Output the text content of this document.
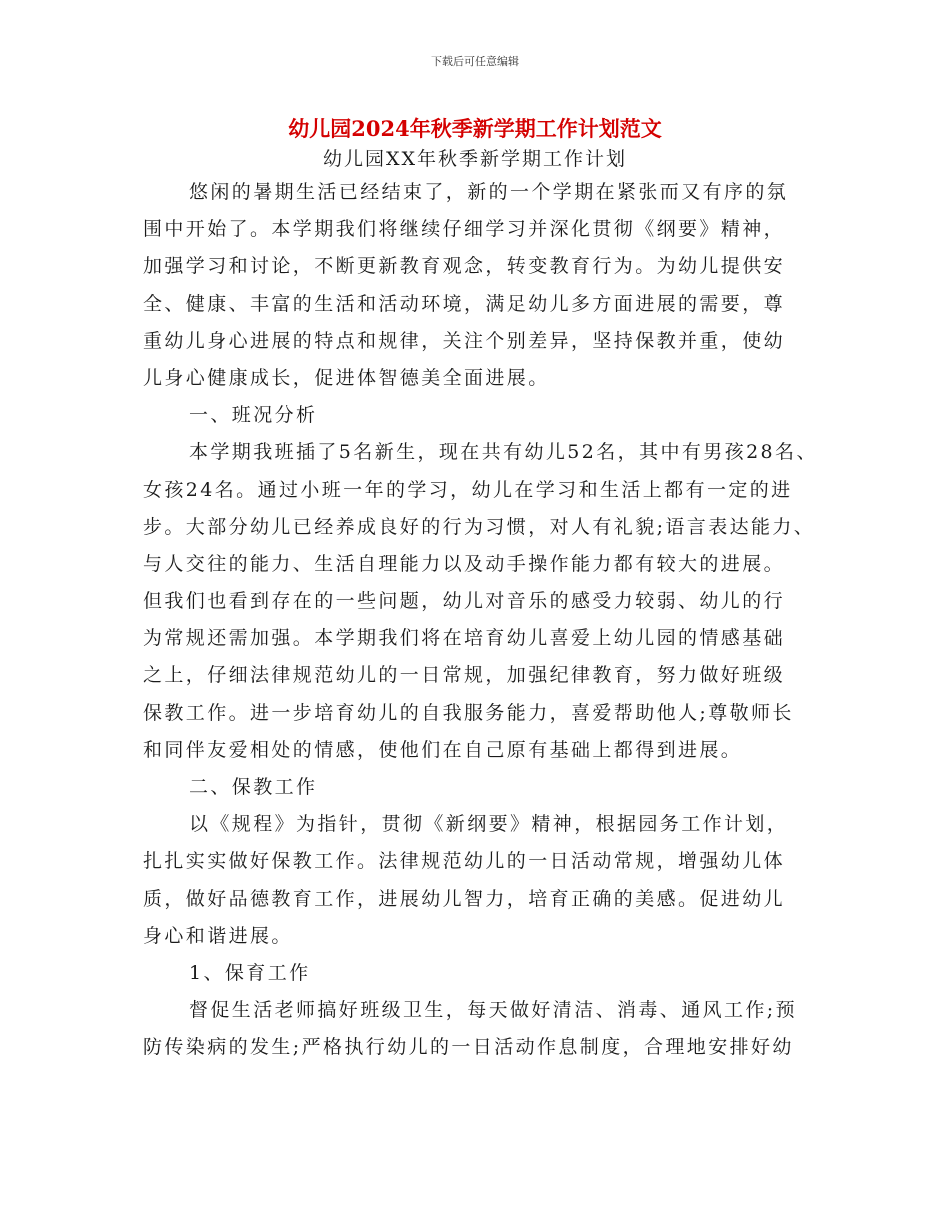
下载后可任意编辑
幼儿园2024年秋季新学期工作计划范文
幼儿园XX年秋季新学期工作计划
悠闲的暑期生活已经结束了，新的一个学期在紧张而又有序的氛
围中开始了。本学期我们将继续仔细学习并深化贯彻《纲要》精神，
加强学习和讨论，不断更新教育观念，转变教育行为。为幼儿提供安
全、健康、丰富的生活和活动环境，满足幼儿多方面进展的需要，尊
重幼儿身心进展的特点和规律，关注个别差异，坚持保教并重，使幼
儿身心健康成长，促进体智德美全面进展。
一、班况分析
本学期我班插了5名新生，现在共有幼儿52名，其中有男孩28名、
女孩24名。通过小班一年的学习，幼儿在学习和生活上都有一定的进
步。大部分幼儿已经养成良好的行为习惯，对人有礼貌;语言表达能力、
与人交往的能力、生活自理能力以及动手操作能力都有较大的进展。
但我们也看到存在的一些问题，幼儿对音乐的感受力较弱、幼儿的行
为常规还需加强。本学期我们将在培育幼儿喜爱上幼儿园的情感基础
之上，仔细法律规范幼儿的一日常规，加强纪律教育，努力做好班级
保教工作。进一步培育幼儿的自我服务能力，喜爱帮助他人;尊敬师长
和同伴友爱相处的情感，使他们在自己原有基础上都得到进展。
二、保教工作
以《规程》为指针，贯彻《新纲要》精神，根据园务工作计划，
扎扎实实做好保教工作。法律规范幼儿的一日活动常规，增强幼儿体
质，做好品德教育工作，进展幼儿智力，培育正确的美感。促进幼儿
身心和谐进展。
1、保育工作
督促生活老师搞好班级卫生，每天做好清洁、消毒、通风工作;预
防传染病的发生;严格执行幼儿的一日活动作息制度，合理地安排好幼
